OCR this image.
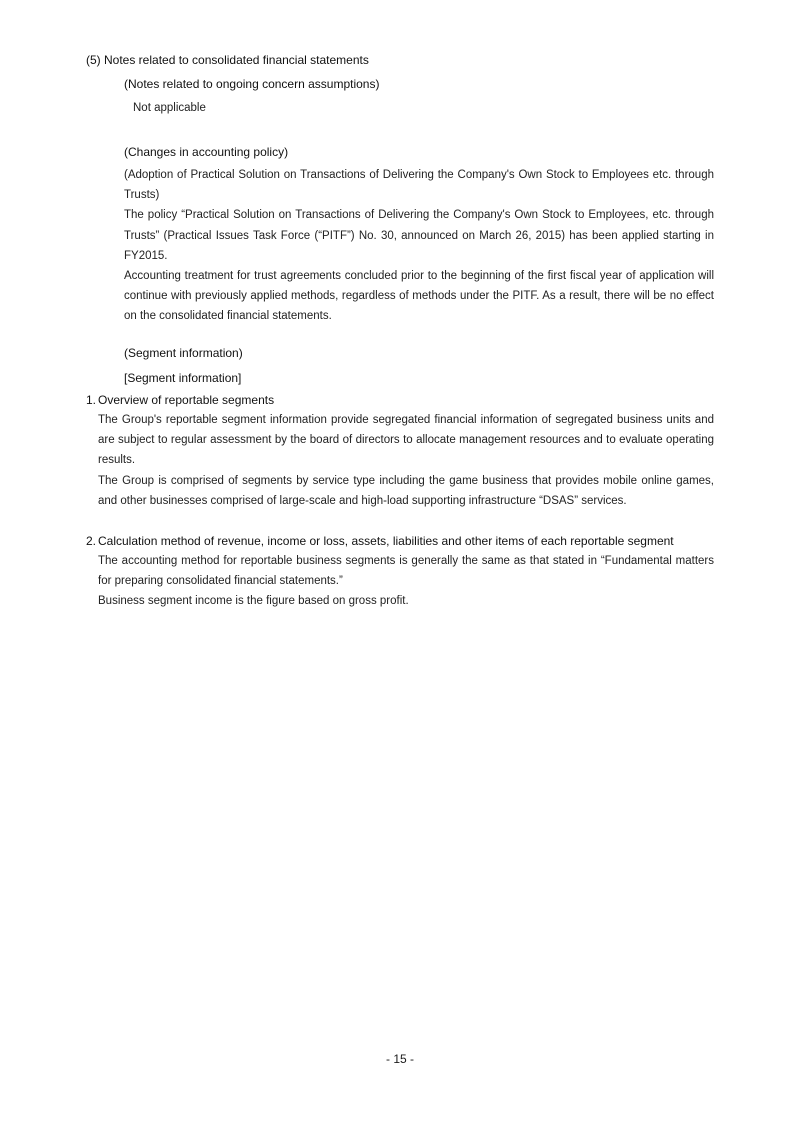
(5) Notes related to consolidated financial statements
(Notes related to ongoing concern assumptions)
Not applicable
(Changes in accounting policy)
(Adoption of Practical Solution on Transactions of Delivering the Company's Own Stock to Employees etc. through Trusts)
The policy “Practical Solution on Transactions of Delivering the Company's Own Stock to Employees, etc. through Trusts” (Practical Issues Task Force (“PITF”) No. 30, announced on March 26, 2015) has been applied starting in FY2015.
Accounting treatment for trust agreements concluded prior to the beginning of the first fiscal year of application will continue with previously applied methods, regardless of methods under the PITF. As a result, there will be no effect on the consolidated financial statements.
(Segment information)
[Segment information]
1. Overview of reportable segments
The Group's reportable segment information provide segregated financial information of segregated business units and are subject to regular assessment by the board of directors to allocate management resources and to evaluate operating results.
The Group is comprised of segments by service type including the game business that provides mobile online games, and other businesses comprised of large-scale and high-load supporting infrastructure “DSAS” services.
2. Calculation method of revenue, income or loss, assets, liabilities and other items of each reportable segment
The accounting method for reportable business segments is generally the same as that stated in “Fundamental matters for preparing consolidated financial statements.”
Business segment income is the figure based on gross profit.
- 15 -
